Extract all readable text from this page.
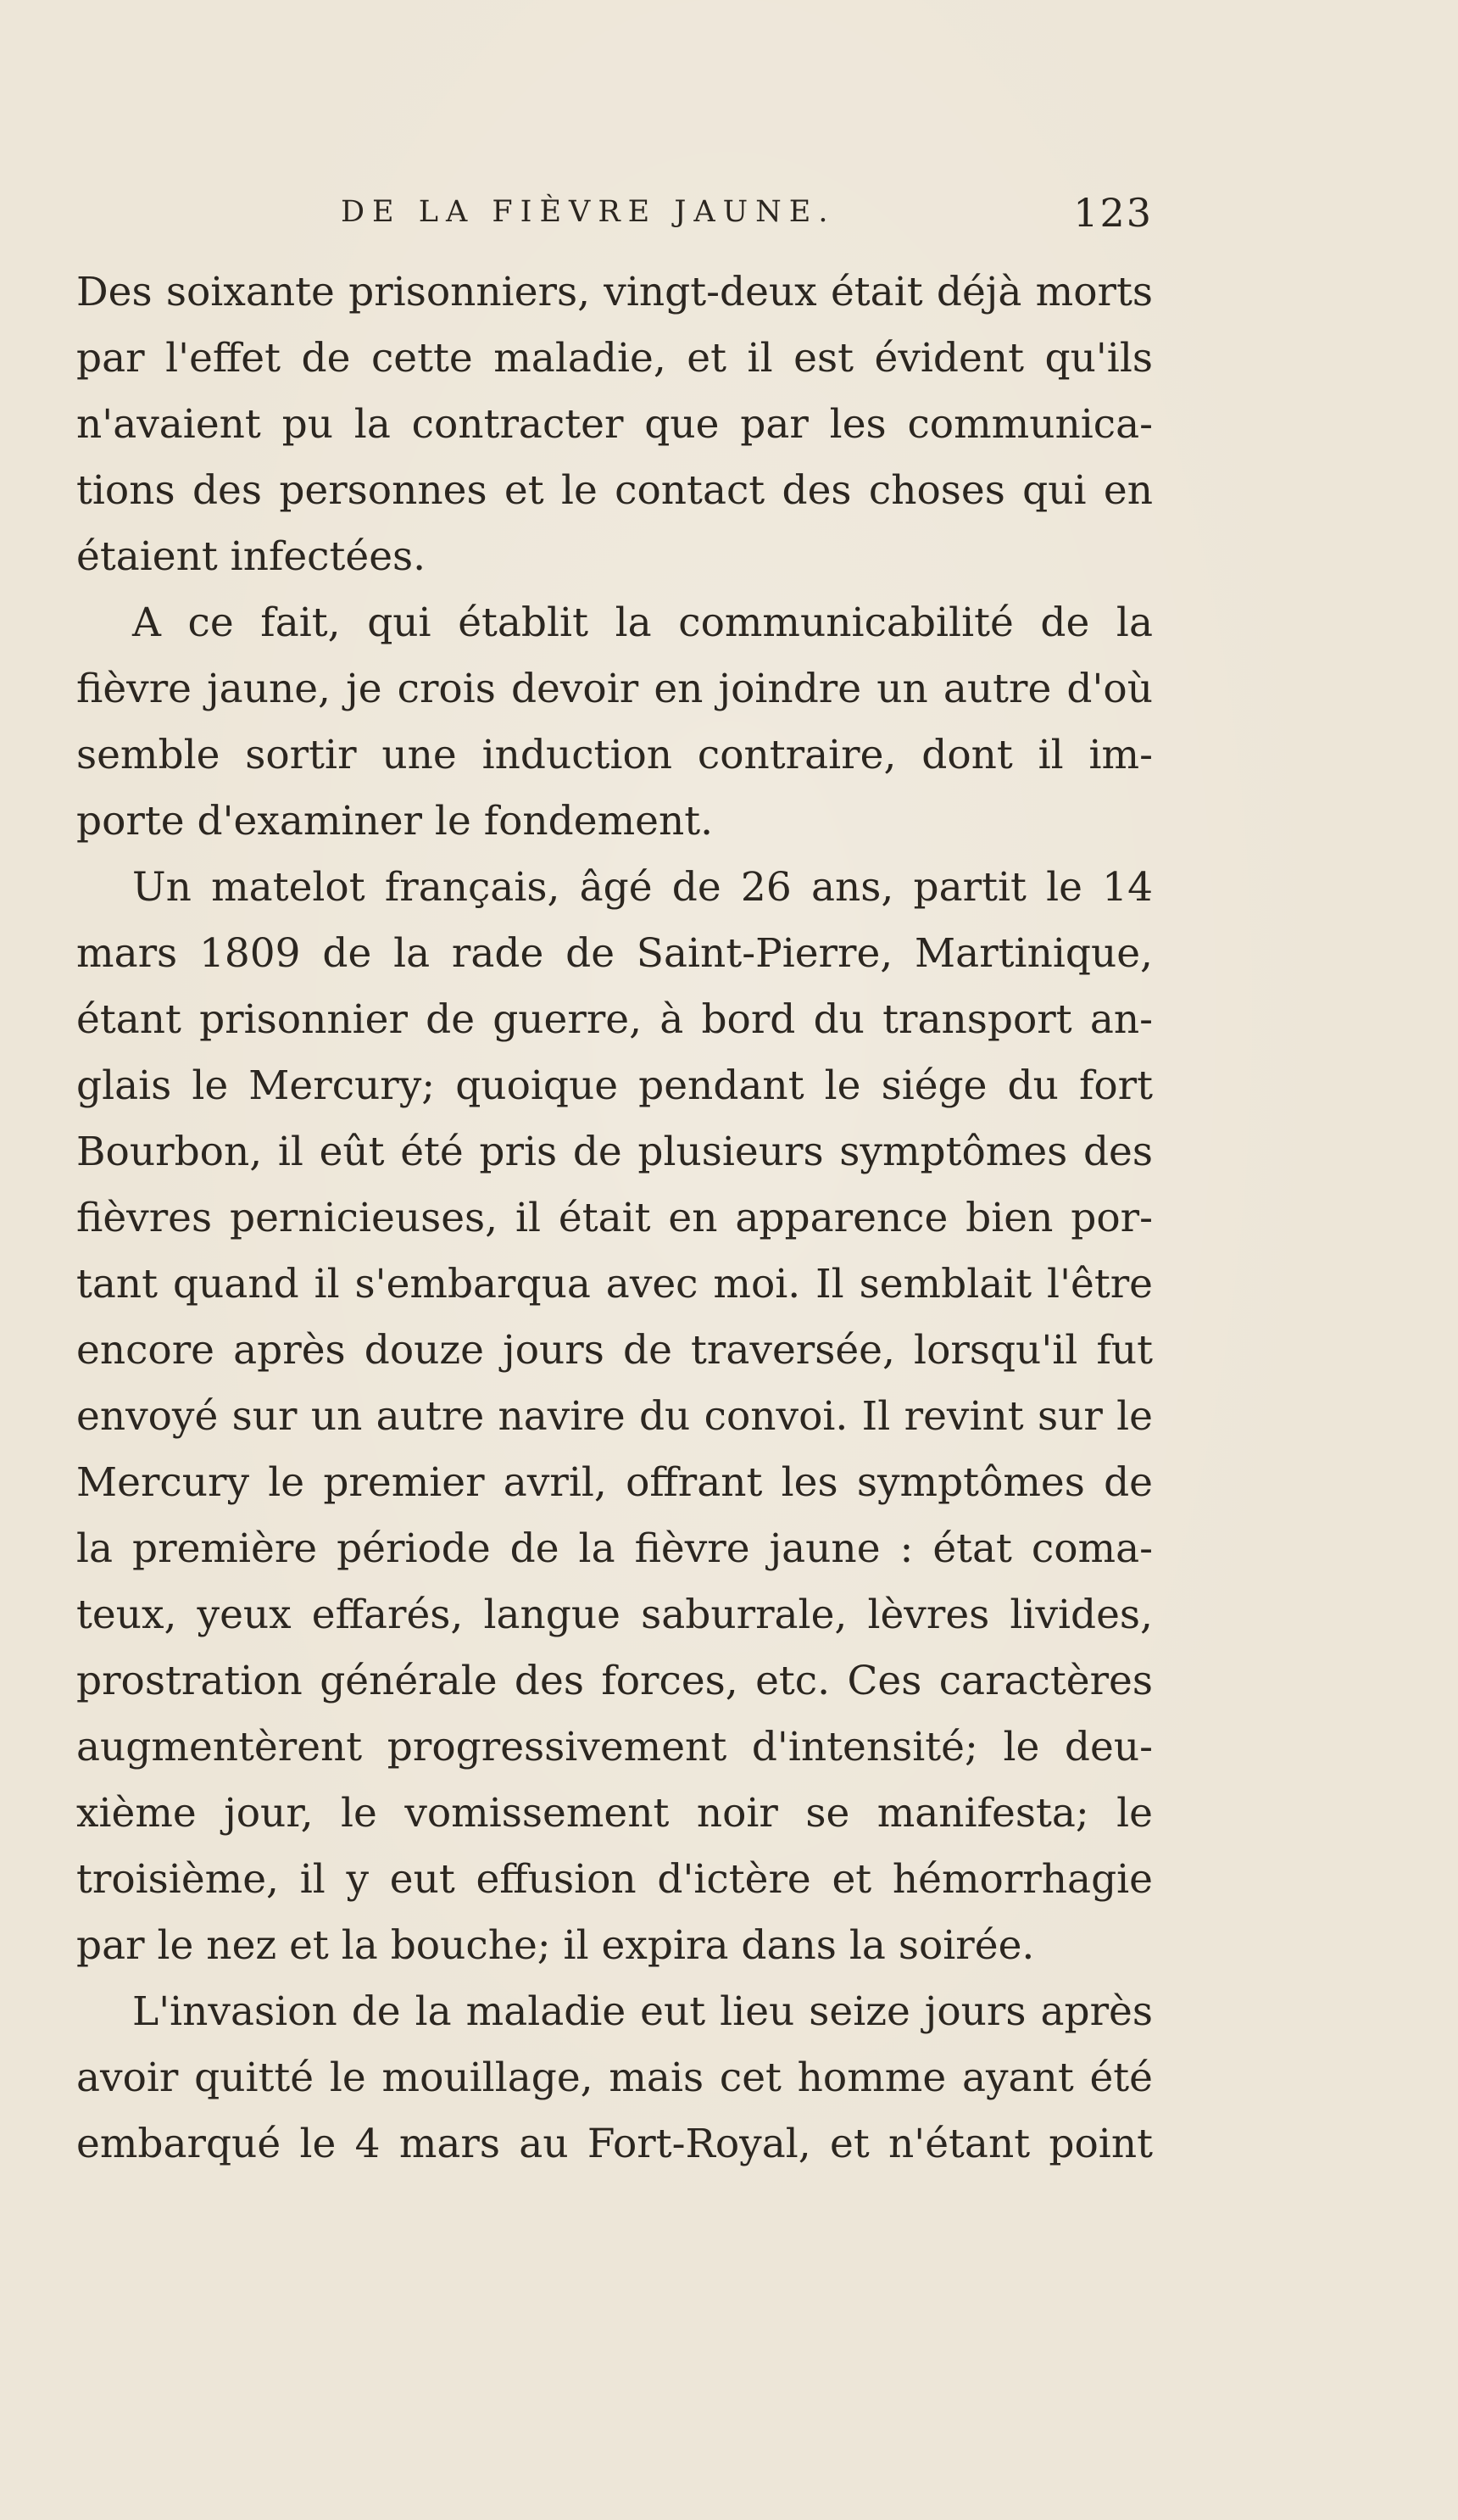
DE LA FIÈVRE JAUNE.	123
Des soixante prisonniers, vingt-deux était déjà morts
par l'effet de cette maladie, et il est évident qu'ils
n'avaient pu la contracter que par les communica-
tions des personnes et le contact des choses qui en
étaient infectées.
A ce fait, qui établit la communicabilité de la
fièvre jaune, je crois devoir en joindre un autre d'où
semble sortir une induction contraire, dont il im-
porte d'examiner le fondement.
Un matelot français, âgé de 26 ans, partit le 14
mars 1809 de la rade de Saint-Pierre, Martinique,
étant prisonnier de guerre, à bord du transport an-
glais le Mercury; quoique pendant le siége du fort
Bourbon, il eût été pris de plusieurs symptômes des
fièvres pernicieuses, il était en apparence bien por-
tant quand il s'embarqua avec moi. Il semblait l'être
encore après douze jours de traversée, lorsqu'il fut
envoyé sur un autre navire du convoi. Il revint sur le
Mercury le premier avril, offrant les symptômes de
la première période de la fièvre jaune : état coma-
teux, yeux effarés, langue saburrale, lèvres livides,
prostration générale des forces, etc. Ces caractères
augmentèrent progressivement d'intensité; le deu-
xième jour, le vomissement noir se manifesta; le
troisième, il y eut effusion d'ictère et hémorrhagie
par le nez et la bouche; il expira dans la soirée.
L'invasion de la maladie eut lieu seize jours après
avoir quitté le mouillage, mais cet homme ayant été
embarqué le 4 mars au Fort-Royal, et n'étant point
